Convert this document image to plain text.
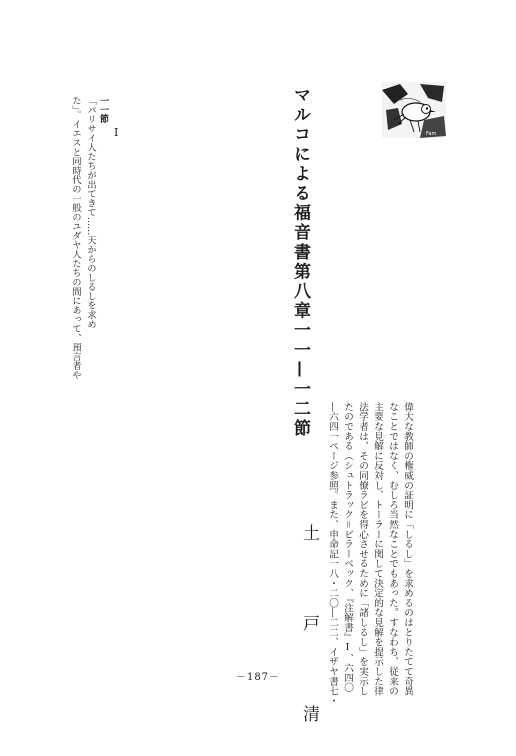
Fam
マルコによる福音書第八章一一—一二節
土 戸 清	偉大な教師の権威の証明に「しるし」を求めるのはとりたてて奇異
なことではなく、むしろ当然なことでもあった。すなわち、従来の
主要な見解に反対し、トーラーに関して決定的な見解を提示した律
法学者は、その同僚ラビを得心させるために「諸しるし」を実示し
たのである（シュトラック＝ビラーベック、『注解書』Ⅰ、六四〇
―六四一ページ参照。また、申命記一八・二〇―二二、イザヤ書七・
I
一一節
「パリサイ人たちが出てきて……天からのしるしを求め
た」。イエスと同時代の一般のユダヤ人たちの間にあって、預言者や
－187－
